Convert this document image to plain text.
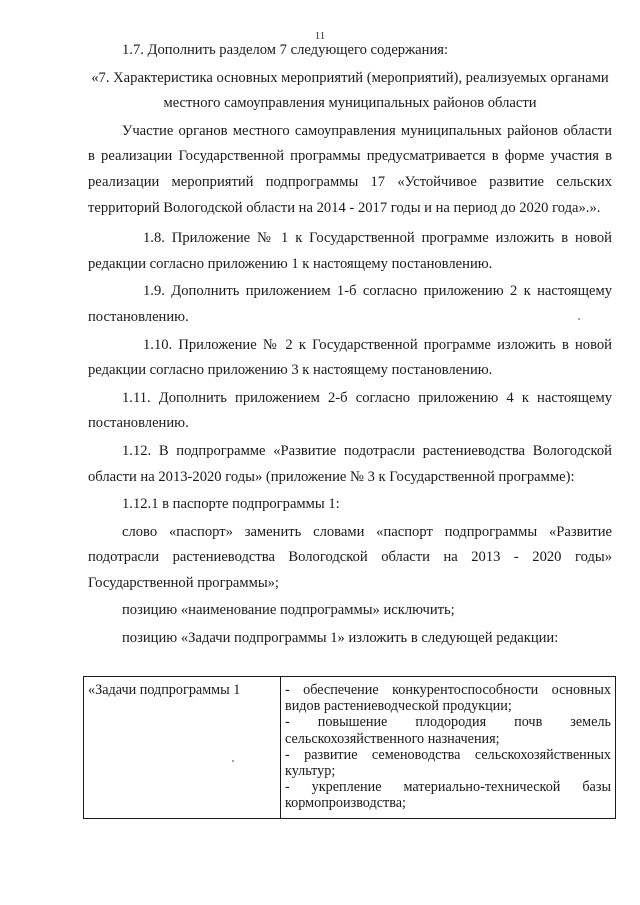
11

1.7. Дополнить разделом 7 следующего содержания:

«7. Характеристика основных мероприятий (мероприятий), реализуемых органами местного самоуправления муниципальных районов области

Участие органов местного самоуправления муниципальных районов области в реализации Государственной программы предусматривается в форме участия в реализации мероприятий подпрограммы 17 «Устойчивое развитие сельских территорий Вологодской области на 2014 - 2017 годы и на период до 2020 года».».

1.8. Приложение № 1 к Государственной программе изложить в новой редакции согласно приложению 1 к настоящему постановлению.

1.9. Дополнить приложением 1-б согласно приложению 2 к настоящему постановлению.

1.10. Приложение № 2 к Государственной программе изложить в новой редакции согласно приложению 3 к настоящему постановлению.

1.11. Дополнить приложением 2-б согласно приложению 4 к настоящему постановлению.

1.12. В подпрограмме «Развитие подотрасли растениеводства Вологодской области на 2013-2020 годы» (приложение № 3 к Государственной программе):

1.12.1 в паспорте подпрограммы 1:

слово «паспорт» заменить словами «паспорт подпрограммы «Развитие подотрасли растениеводства Вологодской области на 2013 - 2020 годы» Государственной программы»;

позицию «наименование подпрограммы» исключить;

позицию «Задачи подпрограммы 1» изложить в следующей редакции:

«Задачи подпрограммы 1	- обеспечение конкурентоспособности основных видов растениеводческой продукции;
- повышение плодородия почв земель сельскохозяйственного назначения;
- развитие семеноводства сельскохозяйственных культур;
- укрепление материально-технической базы кормопроизводства;
